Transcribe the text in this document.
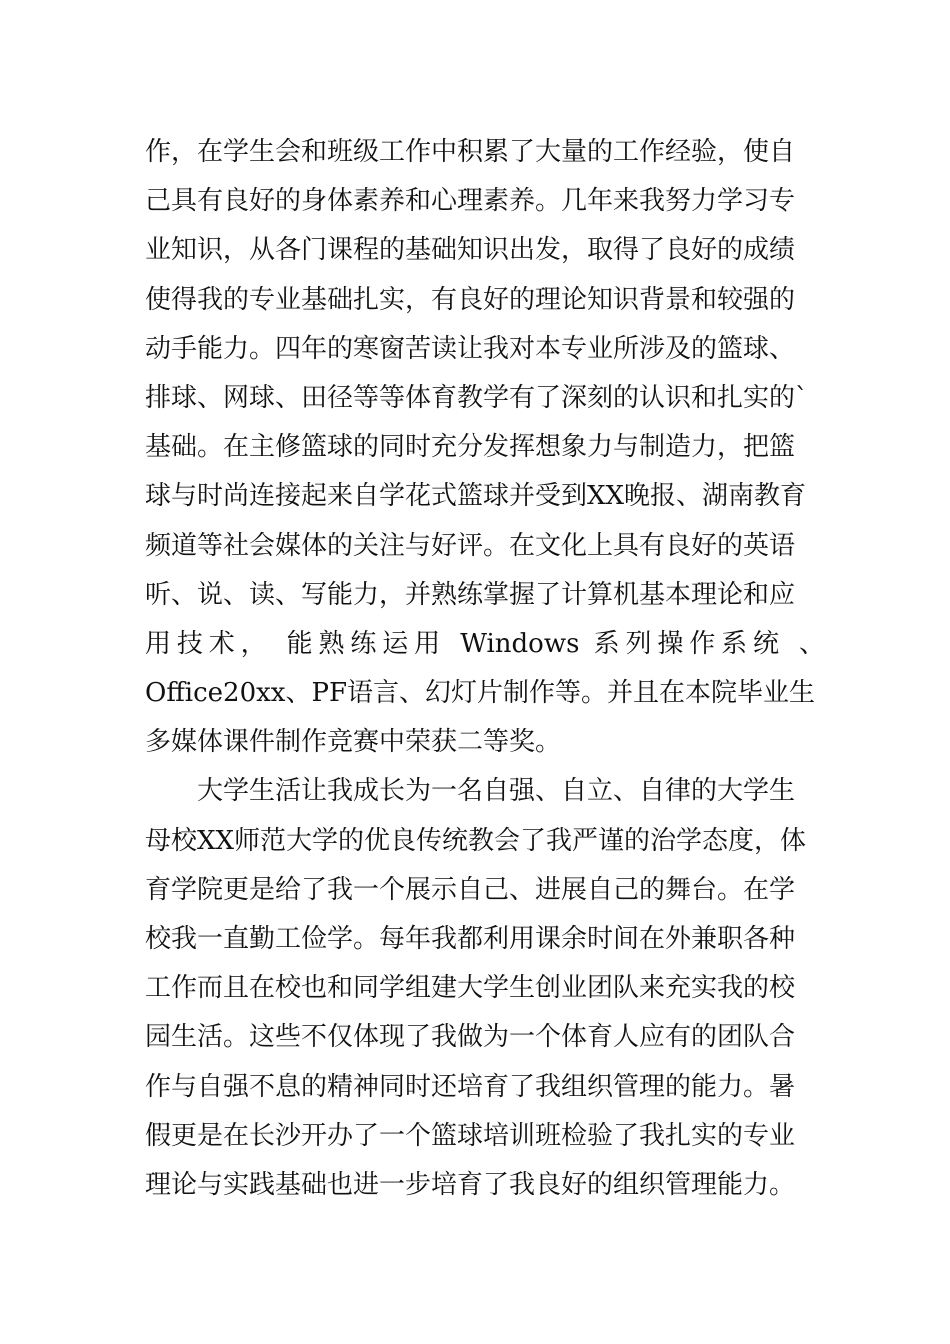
作，在学生会和班级工作中积累了大量的工作经验，使自
己具有良好的身体素养和心理素养。几年来我努力学习专
业知识，从各门课程的基础知识出发，取得了良好的成绩
使得我的专业基础扎实，有良好的理论知识背景和较强的
动手能力。四年的寒窗苦读让我对本专业所涉及的篮球、
排球、网球、田径等等体育教学有了深刻的认识和扎实的`
基础。在主修篮球的同时充分发挥想象力与制造力，把篮
球与时尚连接起来自学花式篮球并受到XX晚报、湖南教育
频道等社会媒体的关注与好评。在文化上具有良好的英语
听、说、读、写能力，并熟练掌握了计算机基本理论和应
用技术， 能熟练运用 Windows 系列操作系统 、
Office20xx、PF语言、幻灯片制作等。并且在本院毕业生
多媒体课件制作竞赛中荣获二等奖。
大学生活让我成长为一名自强、自立、自律的大学生
母校XX师范大学的优良传统教会了我严谨的治学态度，体
育学院更是给了我一个展示自己、进展自己的舞台。在学
校我一直勤工俭学。每年我都利用课余时间在外兼职各种
工作而且在校也和同学组建大学生创业团队来充实我的校
园生活。这些不仅体现了我做为一个体育人应有的团队合
作与自强不息的精神同时还培育了我组织管理的能力。暑
假更是在长沙开办了一个篮球培训班检验了我扎实的专业
理论与实践基础也进一步培育了我良好的组织管理能力。
